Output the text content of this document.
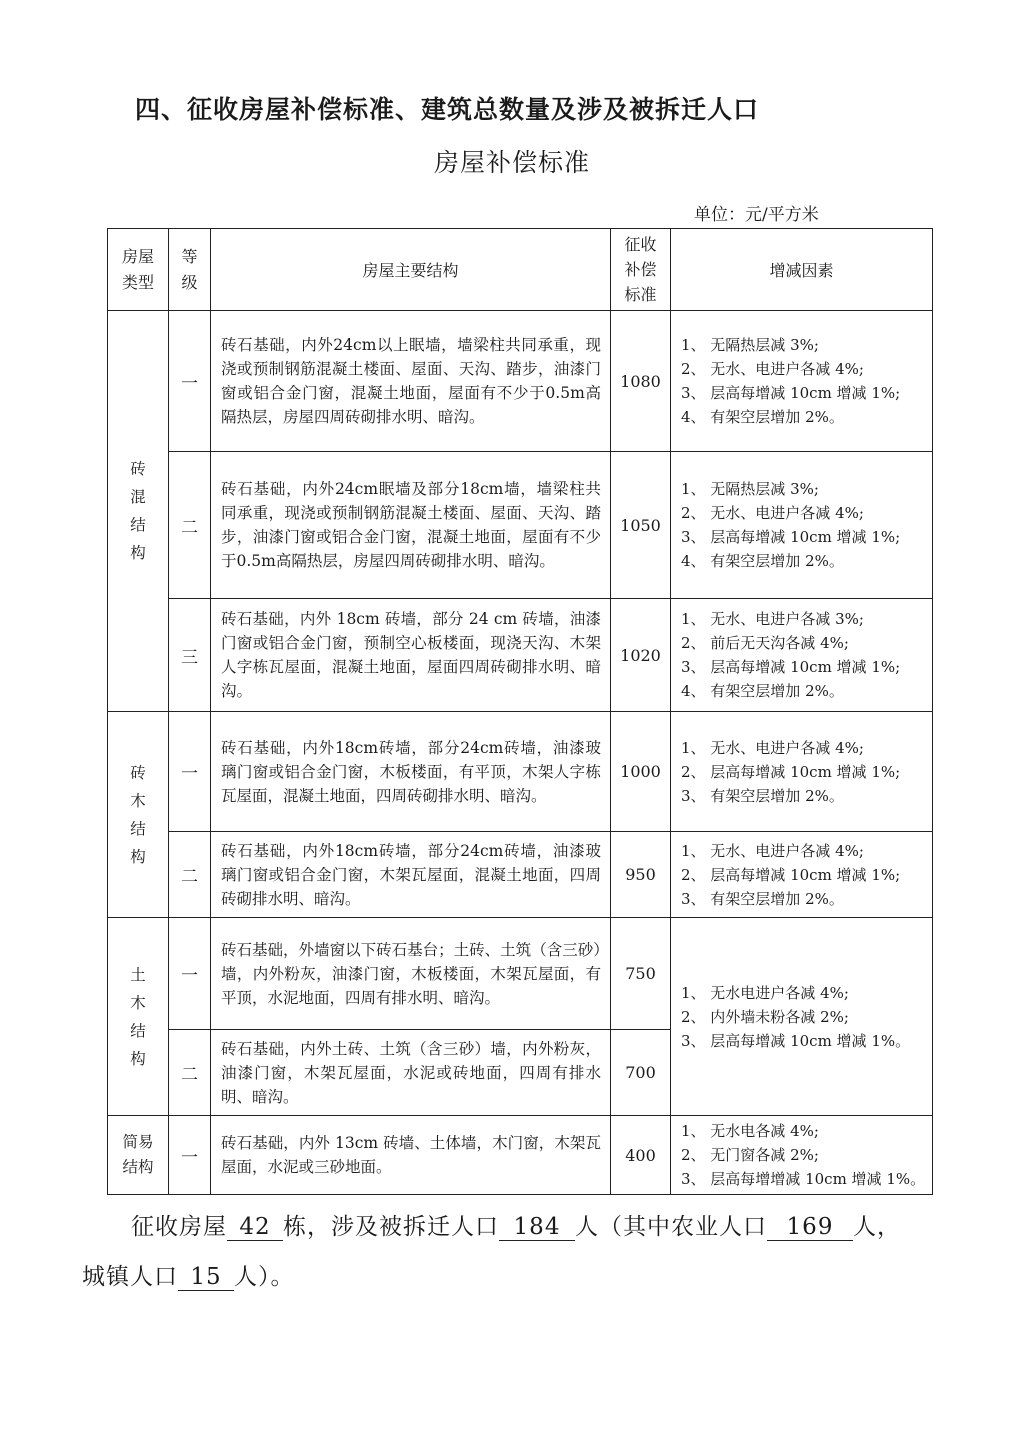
四、征收房屋补偿标准、建筑总数量及涉及被拆迁人口
房屋补偿标准
单位：元/平方米
房屋类型	等级	房屋主要结构	征收补偿标准	增减因素

砖混结构	一	砖石基础，内外24cm以上眠墙，墙梁柱共同承重，现浇或预制钢筋混凝土楼面、屋面、天沟、踏步，油漆门窗或铝合金门窗，混凝土地面，屋面有不少于0.5m高隔热层，房屋四周砖砌排水明、暗沟。	1080	1、 无隔热层减 3%;
2、 无水、电进户各减 4%;
3、 层高每增减 10cm 增减 1%;
4、 有架空层增加 2%。

	二	砖石基础，内外24cm眠墙及部分18cm墙，墙梁柱共同承重，现浇或预制钢筋混凝土楼面、屋面、天沟、踏步，油漆门窗或铝合金门窗，混凝土地面，屋面有不少于0.5m高隔热层，房屋四周砖砌排水明、暗沟。	1050	1、 无隔热层减 3%;
2、 无水、电进户各减 4%;
3、 层高每增减 10cm 增减 1%;
4、 有架空层增加 2%。

	三	砖石基础，内外 18cm 砖墙，部分 24 cm 砖墙，油漆门窗或铝合金门窗，预制空心板楼面，现浇天沟、木架人字栋瓦屋面，混凝土地面，屋面四周砖砌排水明、暗沟。	1020	1、 无水、电进户各减 3%;
2、 前后无天沟各减 4%;
3、 层高每增减 10cm 增减 1%;
4、 有架空层增加 2%。

砖木结构	一	砖石基础，内外18cm砖墙，部分24cm砖墙，油漆玻璃门窗或铝合金门窗，木板楼面，有平顶，木架人字栋瓦屋面，混凝土地面，四周砖砌排水明、暗沟。	1000	1、 无水、电进户各减 4%;
2、 层高每增减 10cm 增减 1%;
3、 有架空层增加 2%。

	二	砖石基础，内外18cm砖墙，部分24cm砖墙，油漆玻璃门窗或铝合金门窗，木架瓦屋面，混凝土地面，四周砖砌排水明、暗沟。	950	1、 无水、电进户各减 4%;
2、 层高每增减 10cm 增减 1%;
3、 有架空层增加 2%。

土木结构	一	砖石基础，外墙窗以下砖石基台；土砖、土筑（含三砂）墙，内外粉灰，油漆门窗，木板楼面，木架瓦屋面，有平顶，水泥地面，四周有排水明、暗沟。	750	1、 无水电进户各减 4%;
2、 内外墙未粉各减 2%;
3、 层高每增减 10cm 增减 1%。

	二	砖石基础，内外土砖、土筑（含三砂）墙，内外粉灰，油漆门窗，木架瓦屋面，水泥或砖地面，四周有排水明、暗沟。	700	

简易结构	一	砖石基础，内外 13cm 砖墙、土体墙，木门窗，木架瓦屋面，水泥或三砂地面。	400	1、 无水电各减 4%;
2、 无门窗各减 2%;
3、 层高每增增减 10cm 增减 1%。
征收房屋 42 栋，涉及被拆迁人口 184 人（其中农业人口 169 人，
城镇人口 15 人）。
